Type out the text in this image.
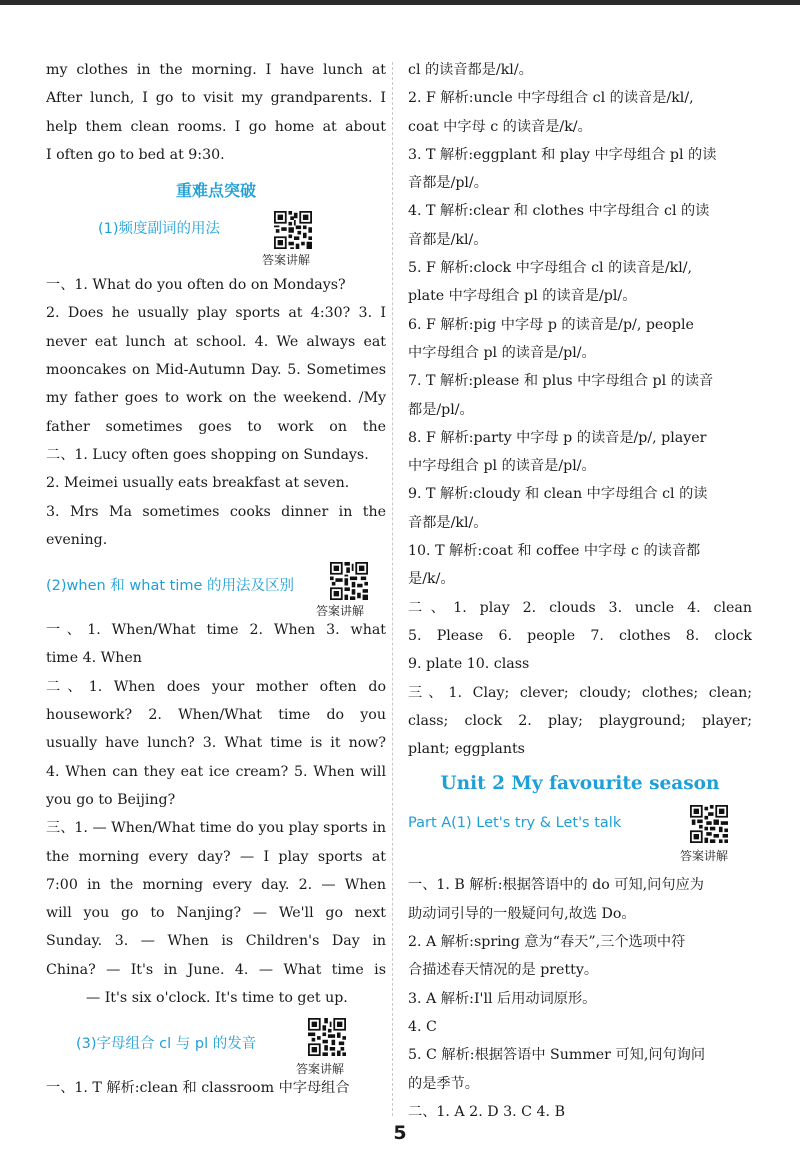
my clothes in the morning. I have lunch at
After lunch, I go to visit my grandparents. I
help them clean rooms. I go home at about
I often go to bed at 9:30.
重难点突破
(1)频度副词的用法
答案讲解
一、1. What do you often do on Mondays?
2. Does he usually play sports at 4:30? 3. I
never eat lunch at school. 4. We always eat
mooncakes on Mid-Autumn Day. 5. Sometimes
my father goes to work on the weekend. /My
father sometimes goes to work on the
二、1. Lucy often goes shopping on Sundays.
2. Meimei usually eats breakfast at seven.
3. Mrs Ma sometimes cooks dinner in the
evening.
(2)when 和 what time 的用法及区别
答案讲解
一、1. When/What time 2. When 3. what
time 4. When
二、1. When does your mother often do
housework? 2. When/What time do you
usually have lunch? 3. What time is it now?
4. When can they eat ice cream? 5. When will
you go to Beijing?
三、1. — When/What time do you play sports in
the morning every day? — I play sports at
7:00 in the morning every day. 2. — When
will you go to Nanjing? — We'll go next
Sunday. 3. — When is Children's Day in
China? — It's in June. 4. — What time is
— It's six o'clock. It's time to get up.
(3)字母组合 cl 与 pl 的发音
答案讲解
一、1. T 解析:clean 和 classroom 中字母组合
cl 的读音都是/kl/。
2. F 解析:uncle 中字母组合 cl 的读音是/kl/,
coat 中字母 c 的读音是/k/。
3. T 解析:eggplant 和 play 中字母组合 pl 的读
音都是/pl/。
4. T 解析:clear 和 clothes 中字母组合 cl 的读
音都是/kl/。
5. F 解析:clock 中字母组合 cl 的读音是/kl/,
plate 中字母组合 pl 的读音是/pl/。
6. F 解析:pig 中字母 p 的读音是/p/, people
中字母组合 pl 的读音是/pl/。
7. T 解析:please 和 plus 中字母组合 pl 的读音
都是/pl/。
8. F 解析:party 中字母 p 的读音是/p/, player
中字母组合 pl 的读音是/pl/。
9. T 解析:cloudy 和 clean 中字母组合 cl 的读
音都是/kl/。
10. T 解析:coat 和 coffee 中字母 c 的读音都
是/k/。
二、1. play 2. clouds 3. uncle 4. clean
5. Please 6. people 7. clothes 8. clock
9. plate 10. class
三、1. Clay; clever; cloudy; clothes; clean;
class; clock 2. play; playground; player;
plant; eggplants
Unit 2 My favourite season
Part A(1) Let's try & Let's talk
答案讲解
一、1. B 解析:根据答语中的 do 可知,问句应为
助动词引导的一般疑问句,故选 Do。
2. A 解析:spring 意为“春天”,三个选项中符
合描述春天情况的是 pretty。
3. A 解析:I'll 后用动词原形。
4. C
5. C 解析:根据答语中 Summer 可知,问句询问
的是季节。
二、1. A 2. D 3. C 4. B
5
